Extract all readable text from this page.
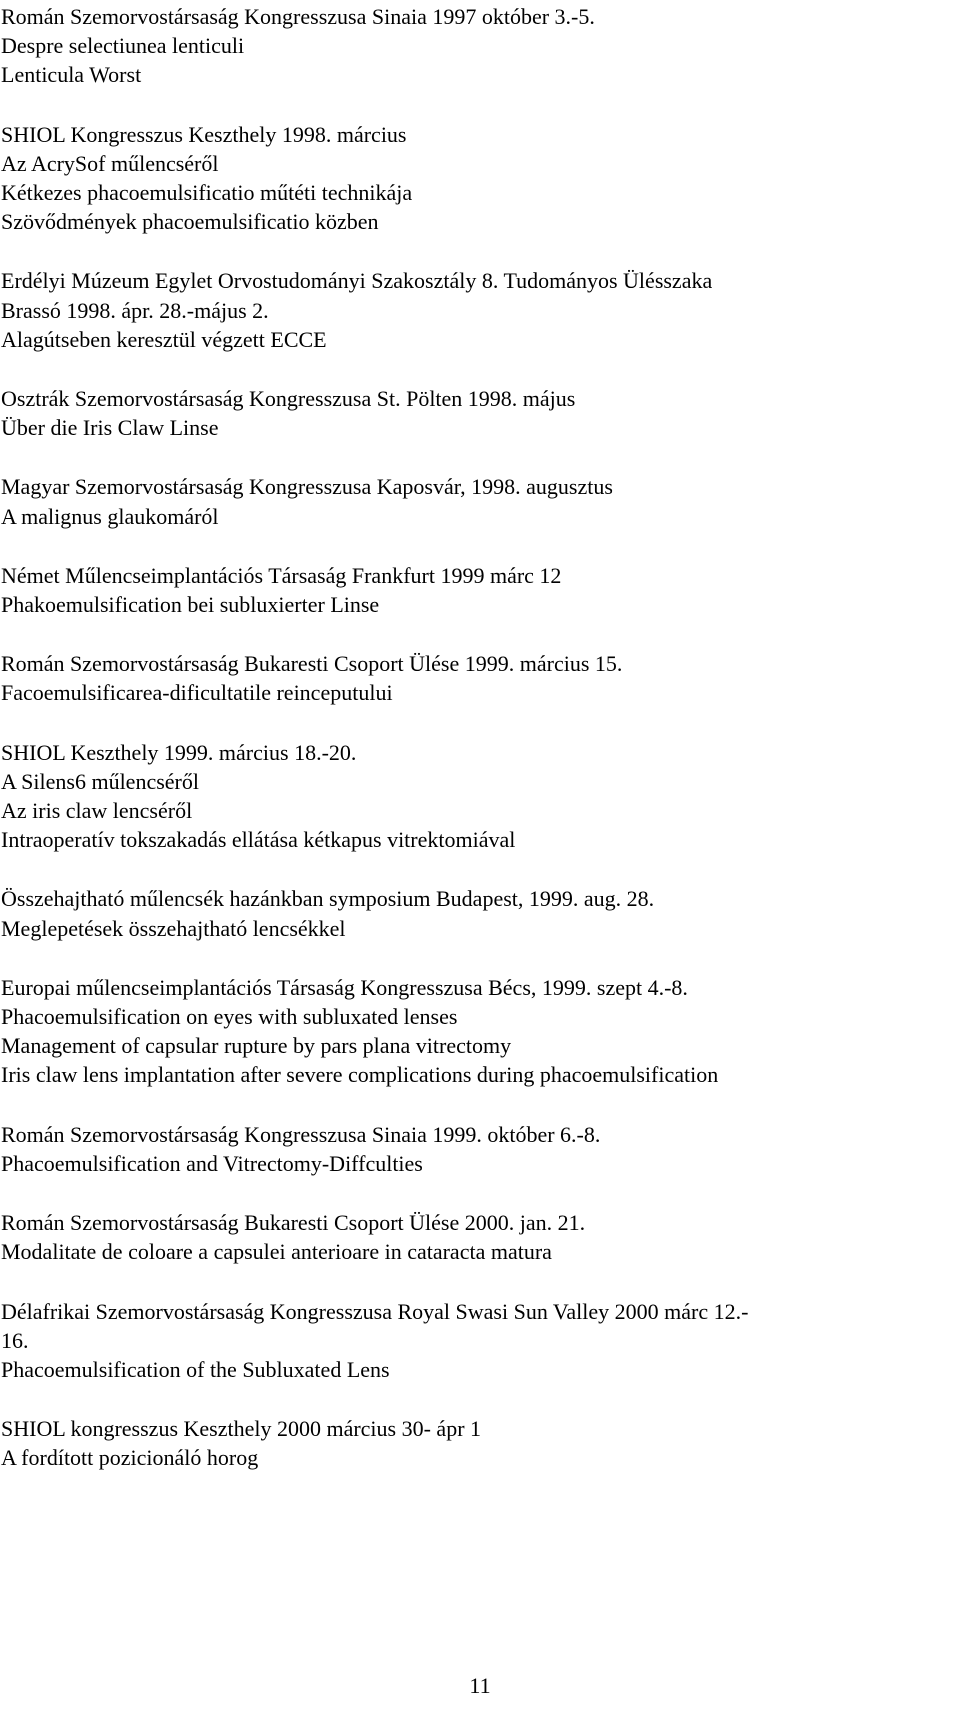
Román Szemorvostársaság Kongresszusa Sinaia 1997 október 3.-5.
Despre selectiunea lenticuli
Lenticula Worst
SHIOL Kongresszus Keszthely 1998. március
Az AcrySof műlencséről
Kétkezes phacoemulsificatio műtéti technikája
Szövődmények phacoemulsificatio közben
Erdélyi Múzeum Egylet Orvostudományi Szakosztály 8. Tudományos Ülésszaka
Brassó 1998. ápr. 28.-május 2.
Alagútseben keresztül végzett ECCE
Osztrák Szemorvostársaság Kongresszusa St. Pölten 1998. május
Über die Iris Claw Linse
Magyar Szemorvostársaság Kongresszusa Kaposvár, 1998. augusztus
A malignus glaukomáról
Német Műlencseimplantációs Társaság Frankfurt 1999 márc 12
Phakoemulsification bei subluxierter Linse
Román Szemorvostársaság Bukaresti Csoport Ülése 1999. március 15.
Facoemulsificarea-dificultatile reinceputului
SHIOL Keszthely 1999. március 18.-20.
A Silens6 műlencséről
Az iris claw lencséről
Intraoperatív tokszakadás ellátása kétkapus vitrektomiával
Összehajtható műlencsék hazánkban symposium Budapest, 1999. aug. 28.
Meglepetések összehajtható lencsékkel
Europai műlencseimplantációs Társaság Kongresszusa Bécs, 1999. szept 4.-8.
Phacoemulsification on eyes with subluxated lenses
Management of capsular rupture by pars plana vitrectomy
Iris claw lens implantation after severe complications during phacoemulsification
Román Szemorvostársaság Kongresszusa Sinaia 1999. október 6.-8.
Phacoemulsification and Vitrectomy-Diffculties
Román Szemorvostársaság Bukaresti Csoport Ülése 2000. jan. 21.
Modalitate de coloare a capsulei anterioare in cataracta matura
Délafrikai Szemorvostársaság Kongresszusa Royal Swasi Sun Valley 2000 márc 12.-
16.
Phacoemulsification of the Subluxated Lens
SHIOL kongresszus Keszthely 2000 március 30- ápr 1
A fordított pozicionáló horog
11
